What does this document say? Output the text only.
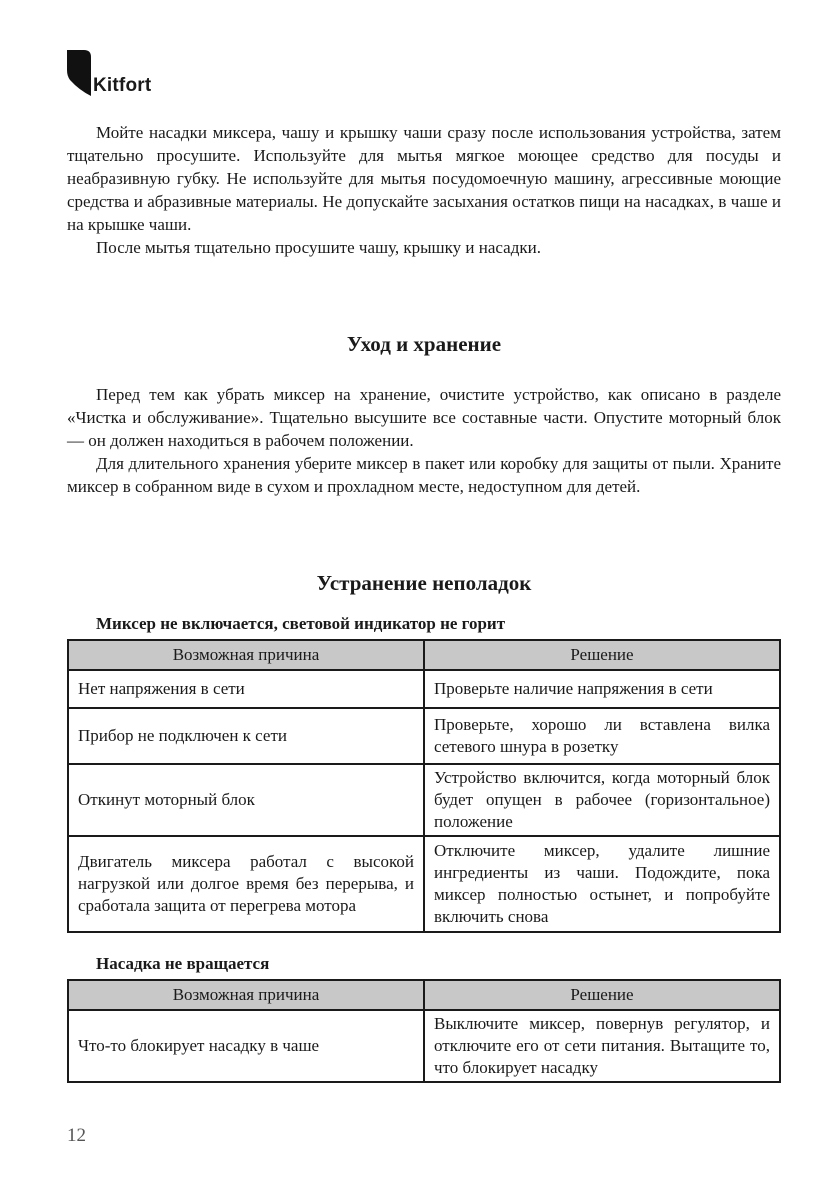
Kitfort

Мойте насадки миксера, чашу и крышку чаши сразу после использования устройства, затем тщательно просушите. Используйте для мытья мягкое моющее средство для посуды и неабразивную губку. Не используйте для мытья посудомоечную машину, агрессивные моющие средства и абразивные материалы. Не допускайте засыхания остатков пищи на насадках, в чаше и на крышке чаши.

После мытья тщательно просушите чашу, крышку и насадки.

Уход и хранение

Перед тем как убрать миксер на хранение, очистите устройство, как описано в разделе «Чистка и обслуживание». Тщательно высушите все составные части. Опустите моторный блок — он должен находиться в рабочем положении.

Для длительного хранения уберите миксер в пакет или коробку для защиты от пыли. Храните миксер в собранном виде в сухом и прохладном месте, недоступном для детей.

Устранение неполадок
Миксер не включается, световой индикатор не горит
Возможная причина	Решение
Нет напряжения в сети	Проверьте наличие напряжения в сети
Прибор не подключен к сети	Проверьте, хорошо ли вставлена вилка сетевого шнура в розетку
Откинут моторный блок	Устройство включится, когда моторный блок будет опущен в рабочее (горизонтальное) положение
Двигатель миксера работал с высокой нагрузкой или долгое время без перерыва, и сработала защита от перегрева мотора	Отключите миксер, удалите лишние ингредиенты из чаши. Подождите, пока миксер полностью остынет, и попробуйте включить снова
Насадка не вращается
Возможная причина	Решение
Что-то блокирует насадку в чаше	Выключите миксер, повернув регулятор, и отключите его от сети питания. Вытащите то, что блокирует насадку
12
